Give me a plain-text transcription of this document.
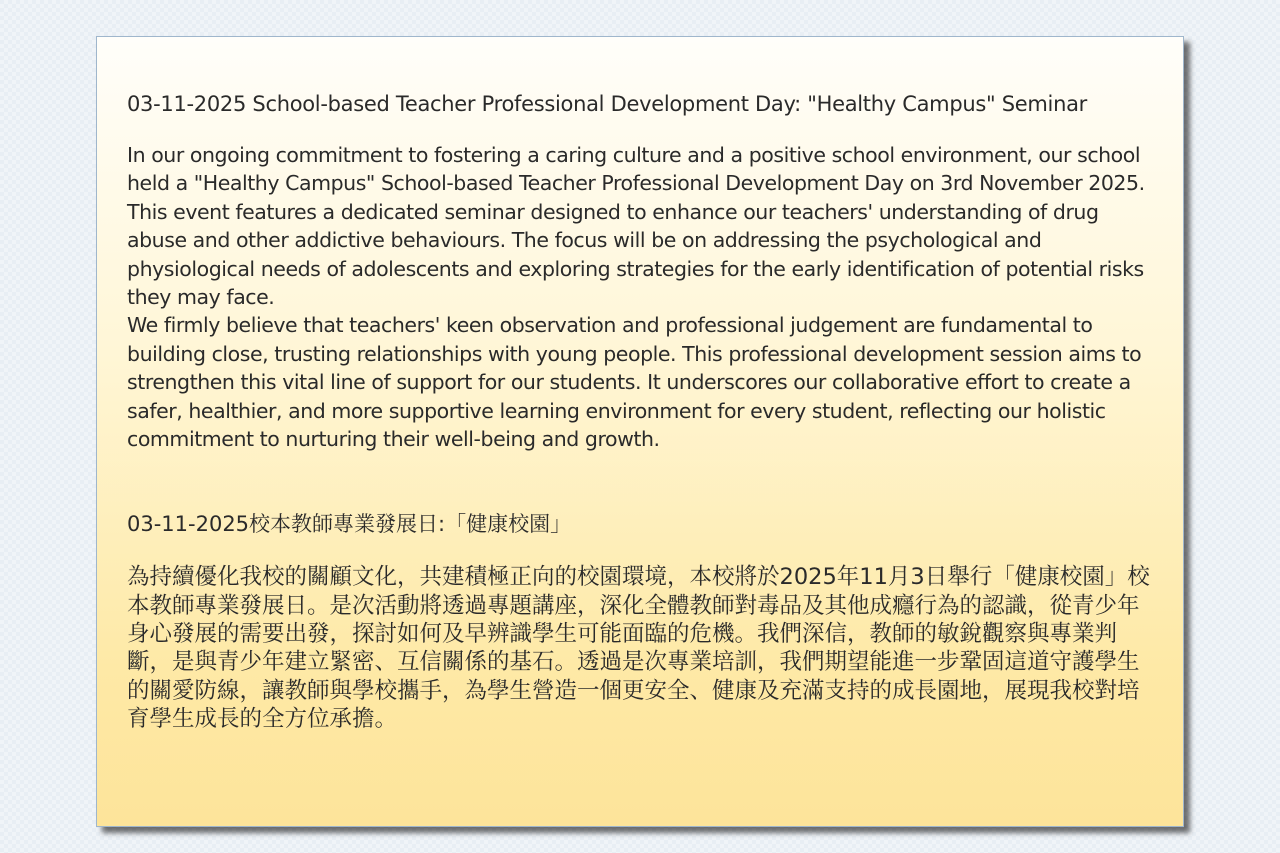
03-11-2025 School-based Teacher Professional Development Day: "Healthy Campus" Seminar

In our ongoing commitment to fostering a caring culture and a positive school environment, our school held a "Healthy Campus" School-based Teacher Professional Development Day on 3rd November 2025. This event features a dedicated seminar designed to enhance our teachers' understanding of drug abuse and other addictive behaviours. The focus will be on addressing the psychological and physiological needs of adolescents and exploring strategies for the early identification of potential risks they may face.

We firmly believe that teachers' keen observation and professional judgement are fundamental to building close, trusting relationships with young people. This professional development session aims to strengthen this vital line of support for our students. It underscores our collaborative effort to create a safer, healthier, and more supportive learning environment for every student, reflecting our holistic commitment to nurturing their well-being and growth.

03-11-2025校本教師專業發展日:「健康校園」

為持續優化我校的關顧文化，共建積極正向的校園環境，本校將於2025年11月3日舉行「健康校園」校本教師專業發展日。是次活動將透過專題講座，深化全體教師對毒品及其他成癮行為的認識，從青少年身心發展的需要出發，探討如何及早辨識學生可能面臨的危機。我們深信，教師的敏銳觀察與專業判斷，是與青少年建立緊密、互信關係的基石。透過是次專業培訓，我們期望能進一步鞏固這道守護學生的關愛防線，讓教師與學校攜手，為學生營造一個更安全、健康及充滿支持的成長園地，展現我校對培育學生成長的全方位承擔。
